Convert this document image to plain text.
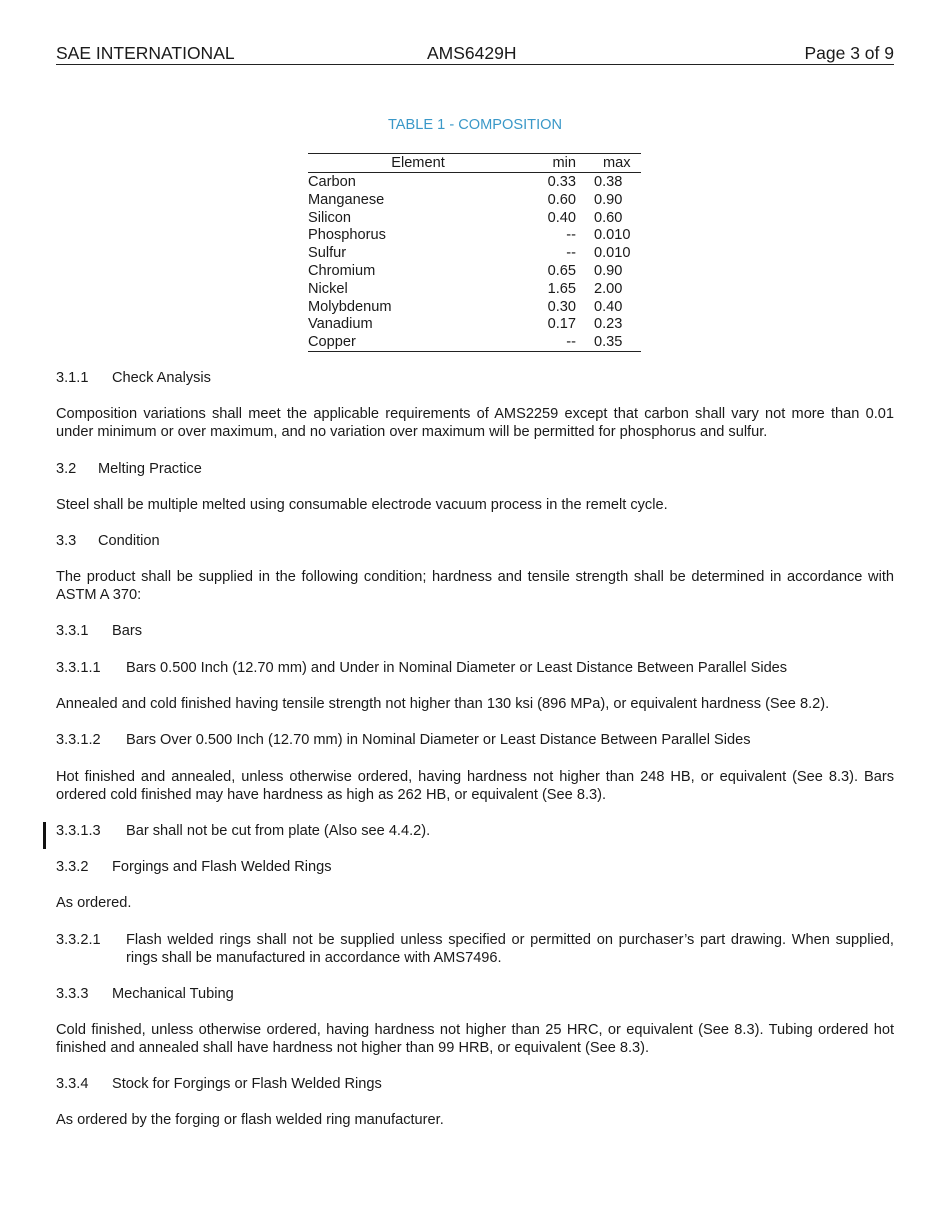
SAE INTERNATIONAL	AMS6429H	Page 3 of 9
TABLE 1 - COMPOSITION
Element	min max
Carbon	0.33 0.38
Manganese	0.60 0.90
Silicon	0.40 0.60
Phosphorus	-- 0.010
Sulfur	-- 0.010
Chromium	0.65 0.90
Nickel	1.65 2.00
Molybdenum	0.30 0.40
Vanadium	0.17 0.23
Copper	-- 0.35
3.1.1 Check Analysis
Composition variations shall meet the applicable requirements of AMS2259 except that carbon shall vary not more than 0.01 under minimum or over maximum, and no variation over maximum will be permitted for phosphorus and sulfur.
3.2 Melting Practice
Steel shall be multiple melted using consumable electrode vacuum process in the remelt cycle.
3.3 Condition
The product shall be supplied in the following condition; hardness and tensile strength shall be determined in accordance with ASTM A 370:
3.3.1 Bars
3.3.1.1 Bars 0.500 Inch (12.70 mm) and Under in Nominal Diameter or Least Distance Between Parallel Sides
Annealed and cold finished having tensile strength not higher than 130 ksi (896 MPa), or equivalent hardness (See 8.2).
3.3.1.2 Bars Over 0.500 Inch (12.70 mm) in Nominal Diameter or Least Distance Between Parallel Sides
Hot finished and annealed, unless otherwise ordered, having hardness not higher than 248 HB, or equivalent (See 8.3). Bars ordered cold finished may have hardness as high as 262 HB, or equivalent (See 8.3).
3.3.1.3 Bar shall not be cut from plate (Also see 4.4.2).
3.3.2 Forgings and Flash Welded Rings
As ordered.
3.3.2.1	Flash welded rings shall not be supplied unless specified or permitted on purchaser’s part drawing. When supplied, rings shall be manufactured in accordance with AMS7496.
3.3.3 Mechanical Tubing
Cold finished, unless otherwise ordered, having hardness not higher than 25 HRC, or equivalent (See 8.3). Tubing ordered hot finished and annealed shall have hardness not higher than 99 HRB, or equivalent (See 8.3).
3.3.4 Stock for Forgings or Flash Welded Rings
As ordered by the forging or flash welded ring manufacturer.
